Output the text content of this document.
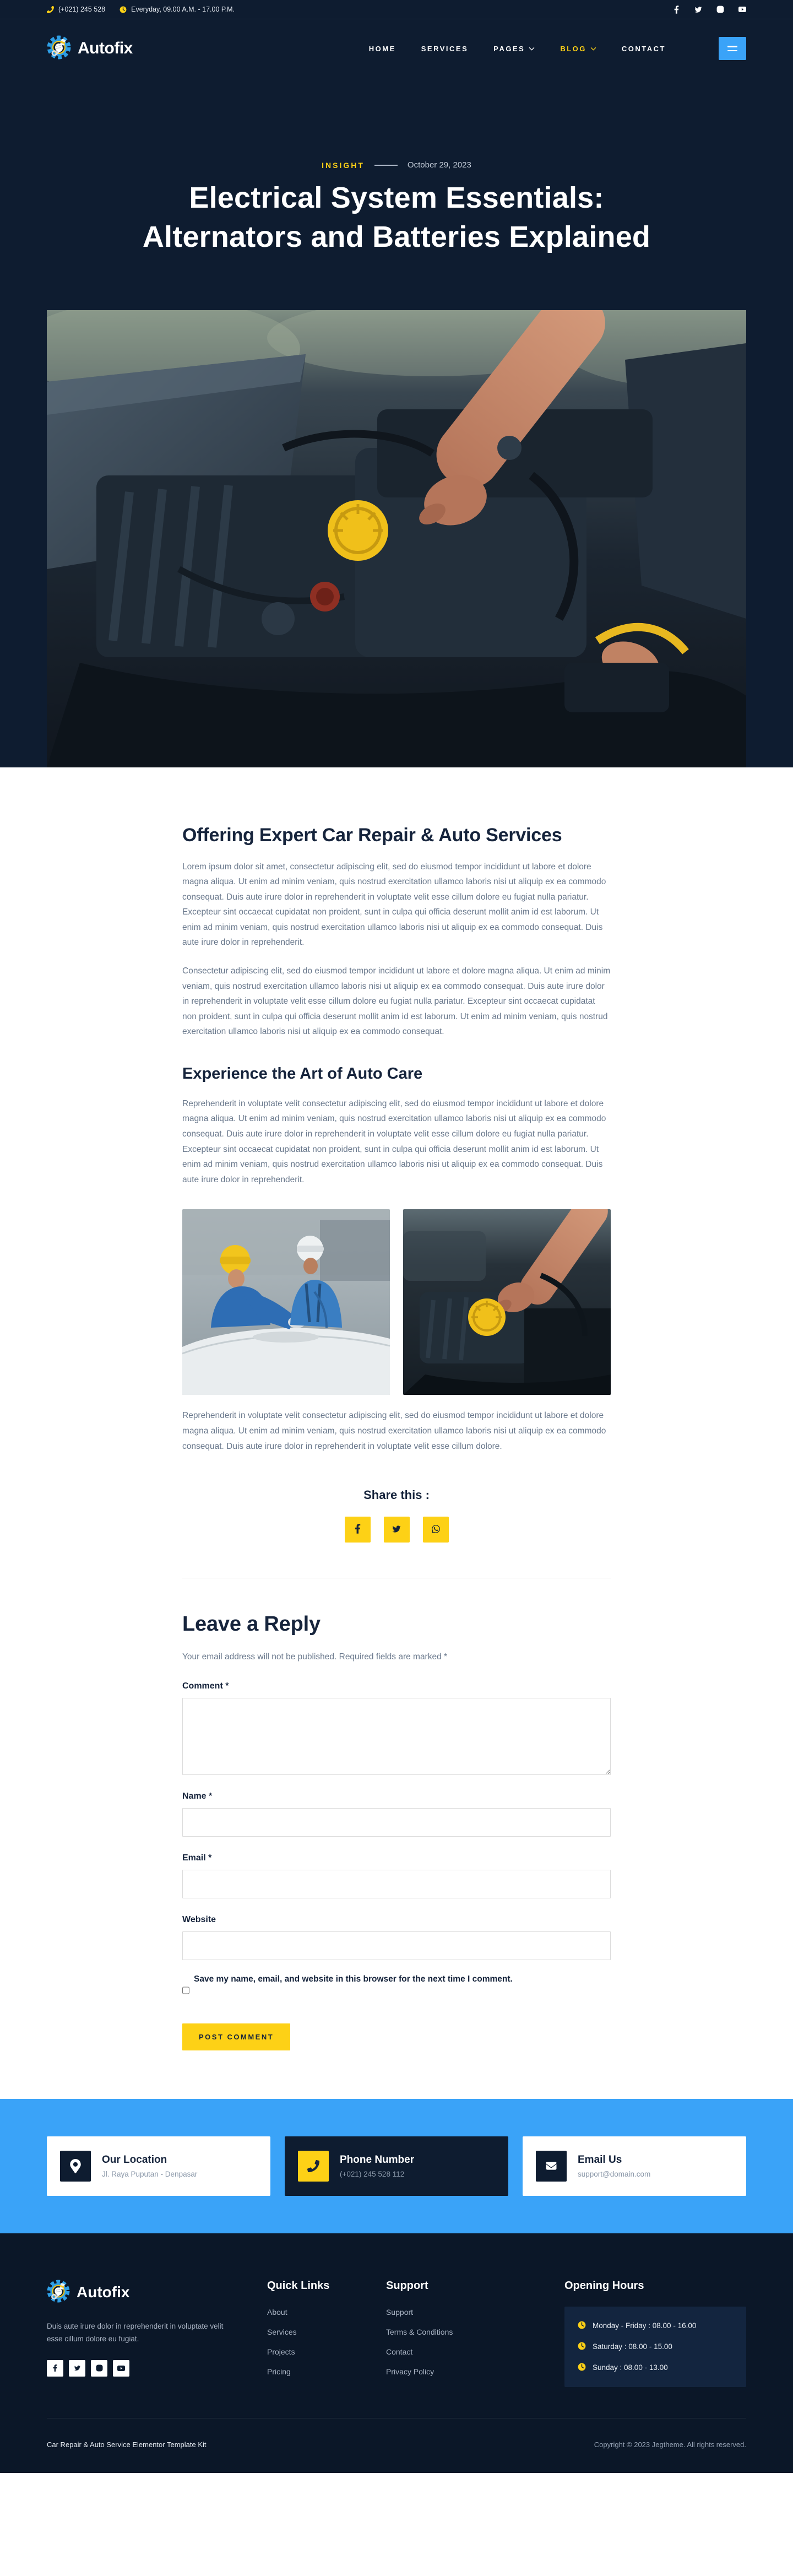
(+021) 245 528	Everyday, 09.00 A.M. - 17.00 P.M.
Autofix	HOME	SERVICES	PAGES	BLOG	CONTACT
INSIGHT	October 29, 2023
Electrical System Essentials:
Alternators and Batteries Explained
Offering Expert Car Repair & Auto Services

Lorem ipsum dolor sit amet, consectetur adipiscing elit, sed do eiusmod tempor incididunt ut labore et dolore magna aliqua. Ut enim ad minim veniam, quis nostrud exercitation ullamco laboris nisi ut aliquip ex ea commodo consequat. Duis aute irure dolor in reprehenderit in voluptate velit esse cillum dolore eu fugiat nulla pariatur. Excepteur sint occaecat cupidatat non proident, sunt in culpa qui officia deserunt mollit anim id est laborum. Ut enim ad minim veniam, quis nostrud exercitation ullamco laboris nisi ut aliquip ex ea commodo consequat. Duis aute irure dolor in reprehenderit.

Consectetur adipiscing elit, sed do eiusmod tempor incididunt ut labore et dolore magna aliqua. Ut enim ad minim veniam, quis nostrud exercitation ullamco laboris nisi ut aliquip ex ea commodo consequat. Duis aute irure dolor in reprehenderit in voluptate velit esse cillum dolore eu fugiat nulla pariatur. Excepteur sint occaecat cupidatat non proident, sunt in culpa qui officia deserunt mollit anim id est laborum. Ut enim ad minim veniam, quis nostrud exercitation ullamco laboris nisi ut aliquip ex ea commodo consequat.

Experience the Art of Auto Care

Reprehenderit in voluptate velit consectetur adipiscing elit, sed do eiusmod tempor incididunt ut labore et dolore magna aliqua. Ut enim ad minim veniam, quis nostrud exercitation ullamco laboris nisi ut aliquip ex ea commodo consequat. Duis aute irure dolor in reprehenderit in voluptate velit esse cillum dolore eu fugiat nulla pariatur. Excepteur sint occaecat cupidatat non proident, sunt in culpa qui officia deserunt mollit anim id est laborum. Ut enim ad minim veniam, quis nostrud exercitation ullamco laboris nisi ut aliquip ex ea commodo consequat. Duis aute irure dolor in reprehenderit.

Reprehenderit in voluptate velit consectetur adipiscing elit, sed do eiusmod tempor incididunt ut labore et dolore magna aliqua. Ut enim ad minim veniam, quis nostrud exercitation ullamco laboris nisi ut aliquip ex ea commodo consequat. Duis aute irure dolor in reprehenderit in voluptate velit esse cillum dolore.

Share this :
Leave a Reply

Your email address will not be published. Required fields are marked *

Comment *
Name *
Email *
Website
Save my name, email, and website in this browser for the next time I comment.
POST COMMENT
Our Location
Jl. Raya Puputan - Denpasar
Phone Number
(+021) 245 528 112
Email Us
support@domain.com
Autofix

Duis aute irure dolor in reprehenderit in voluptate velit esse cillum dolore eu fugiat.

Quick Links
About
Services
Projects
Pricing
Support
Support
Terms & Conditions
Contact
Privacy Policy
Opening Hours
Monday - Friday : 08.00 - 16.00
Saturday : 08.00 - 15.00
Sunday : 08.00 - 13.00
Car Repair & Auto Service Elementor Template Kit	Copyright © 2023 Jegtheme. All rights reserved.
